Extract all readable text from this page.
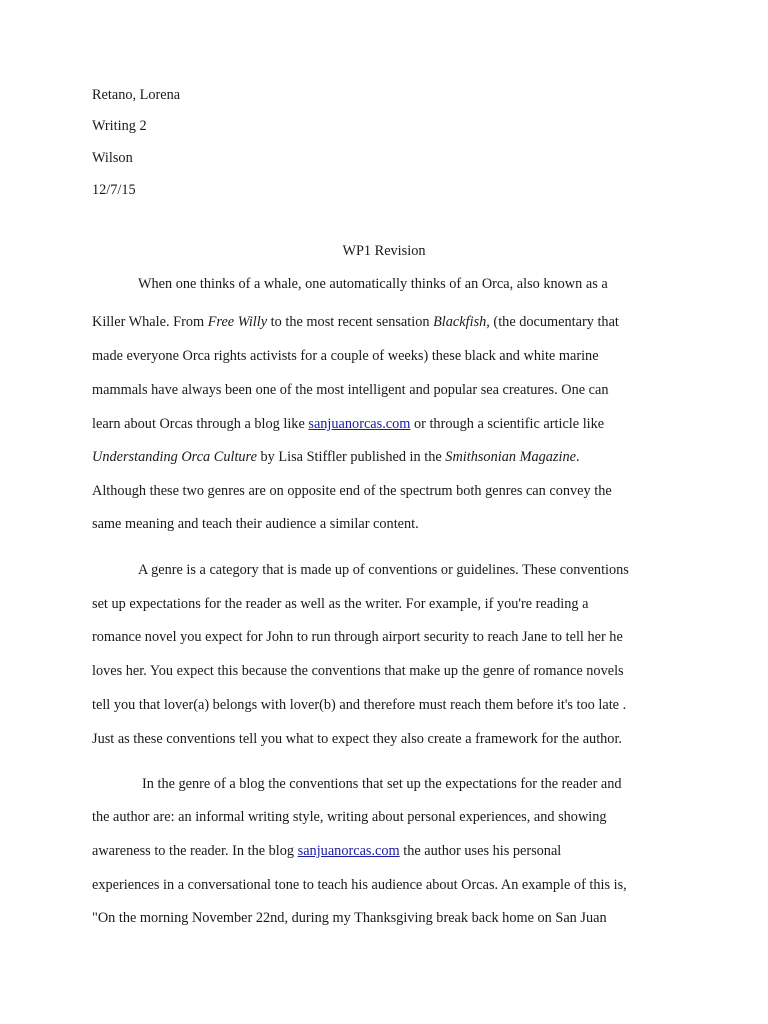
Retano, Lorena
Writing 2
Wilson
12/7/15
WP1 Revision
When one thinks of a whale, one automatically thinks of an Orca, also known as a
Killer Whale. From Free Willy to the most recent sensation Blackfish, (the documentary that
made everyone Orca rights activists for a couple of weeks) these black and white marine
mammals have always been one of the most intelligent and popular sea creatures. One can
learn about Orcas through a blog like sanjuanorcas.com or through a scientific article like
Understanding Orca Culture by Lisa Stiffler published in the Smithsonian Magazine.
Although these two genres are on opposite end of the spectrum both genres can convey the
same meaning and teach their audience a similar content.
A genre is a category that is made up of conventions or guidelines. These conventions
set up expectations for the reader as well as the writer. For example, if you're reading a
romance novel you expect for John to run through airport security to reach Jane to tell her he
loves her. You expect this because the conventions that make up the genre of romance novels
tell you that lover(a) belongs with lover(b) and therefore must reach them before it's too late .
Just as these conventions tell you what to expect they also create a framework for the author.
In the genre of a blog the conventions that set up the expectations for the reader and
the author are: an informal writing style, writing about personal experiences, and showing
awareness to the reader. In the blog sanjuanorcas.com the author uses his personal
experiences in a conversational tone to teach his audience about Orcas. An example of this is,
"On the morning November 22nd, during my Thanksgiving break back home on San Juan
